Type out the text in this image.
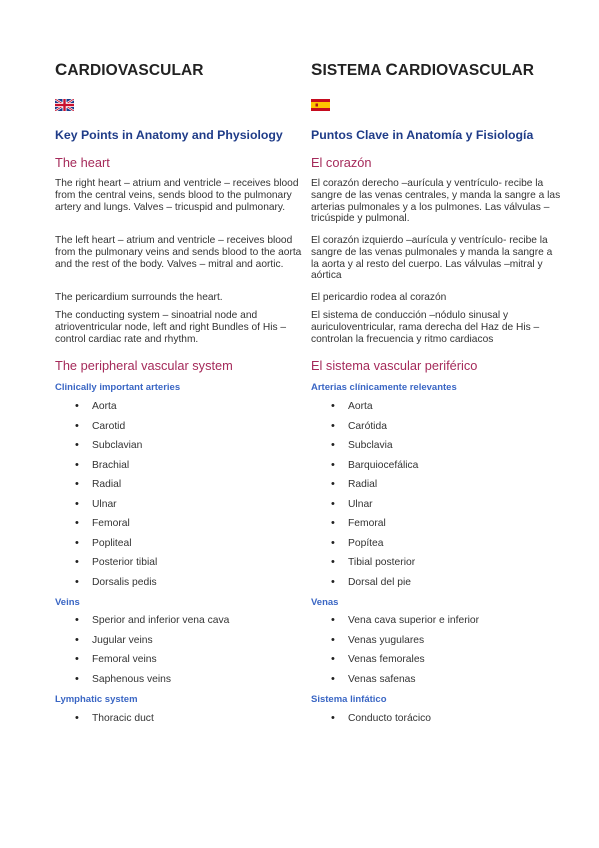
CARDIOVASCULAR
Key Points in Anatomy and Physiology
The heart
The right heart – atrium and ventricle – receives blood from the central veins, sends blood to the pulmonary artery and lungs. Valves – tricuspid and pulmonary.
The left heart – atrium and ventricle – receives blood from the pulmonary veins and sends blood to the aorta and the rest of the body. Valves – mitral and aortic.
The pericardium surrounds the heart.
The conducting system – sinoatrial node and atrioventricular node, left and right Bundles of His – control cardiac rate and rhythm.
The peripheral vascular system
Clinically important arteries
• Aorta
• Carotid
• Subclavian
• Brachial
• Radial
• Ulnar
• Femoral
• Popliteal
• Posterior tibial
• Dorsalis pedis
Veins
• Sperior and inferior vena cava
• Jugular veins
• Femoral veins
• Saphenous veins
Lymphatic system
• Thoracic duct
SISTEMA CARDIOVASCULAR
Puntos Clave in Anatomía y Fisiología
El corazón
El corazón derecho –aurícula y ventrículo- recibe la sangre de las venas centrales, y manda la sangre a las arterias pulmonales y a los pulmones. Las válvulas – tricúspide y pulmonal.
El corazón izquierdo –aurícula y ventrículo- recibe la sangre de las venas pulmonales y manda la sangre a la aorta y al resto del cuerpo. Las válvulas –mitral y aórtica
El pericardio rodea al corazón
El sistema de conducción –nódulo sinusal y auriculoventricular, rama derecha del Haz de His – controlan la frecuencia y ritmo cardiacos
El sistema vascular periférico
Arterias clínicamente relevantes
• Aorta
• Carótida
• Subclavia
• Barquiocefálica
• Radial
• Ulnar
• Femoral
• Popítea
• Tibial posterior
• Dorsal del pie
Venas
• Vena cava superior e inferior
• Venas yugulares
• Venas femorales
• Venas safenas
Sistema linfático
• Conducto torácico
